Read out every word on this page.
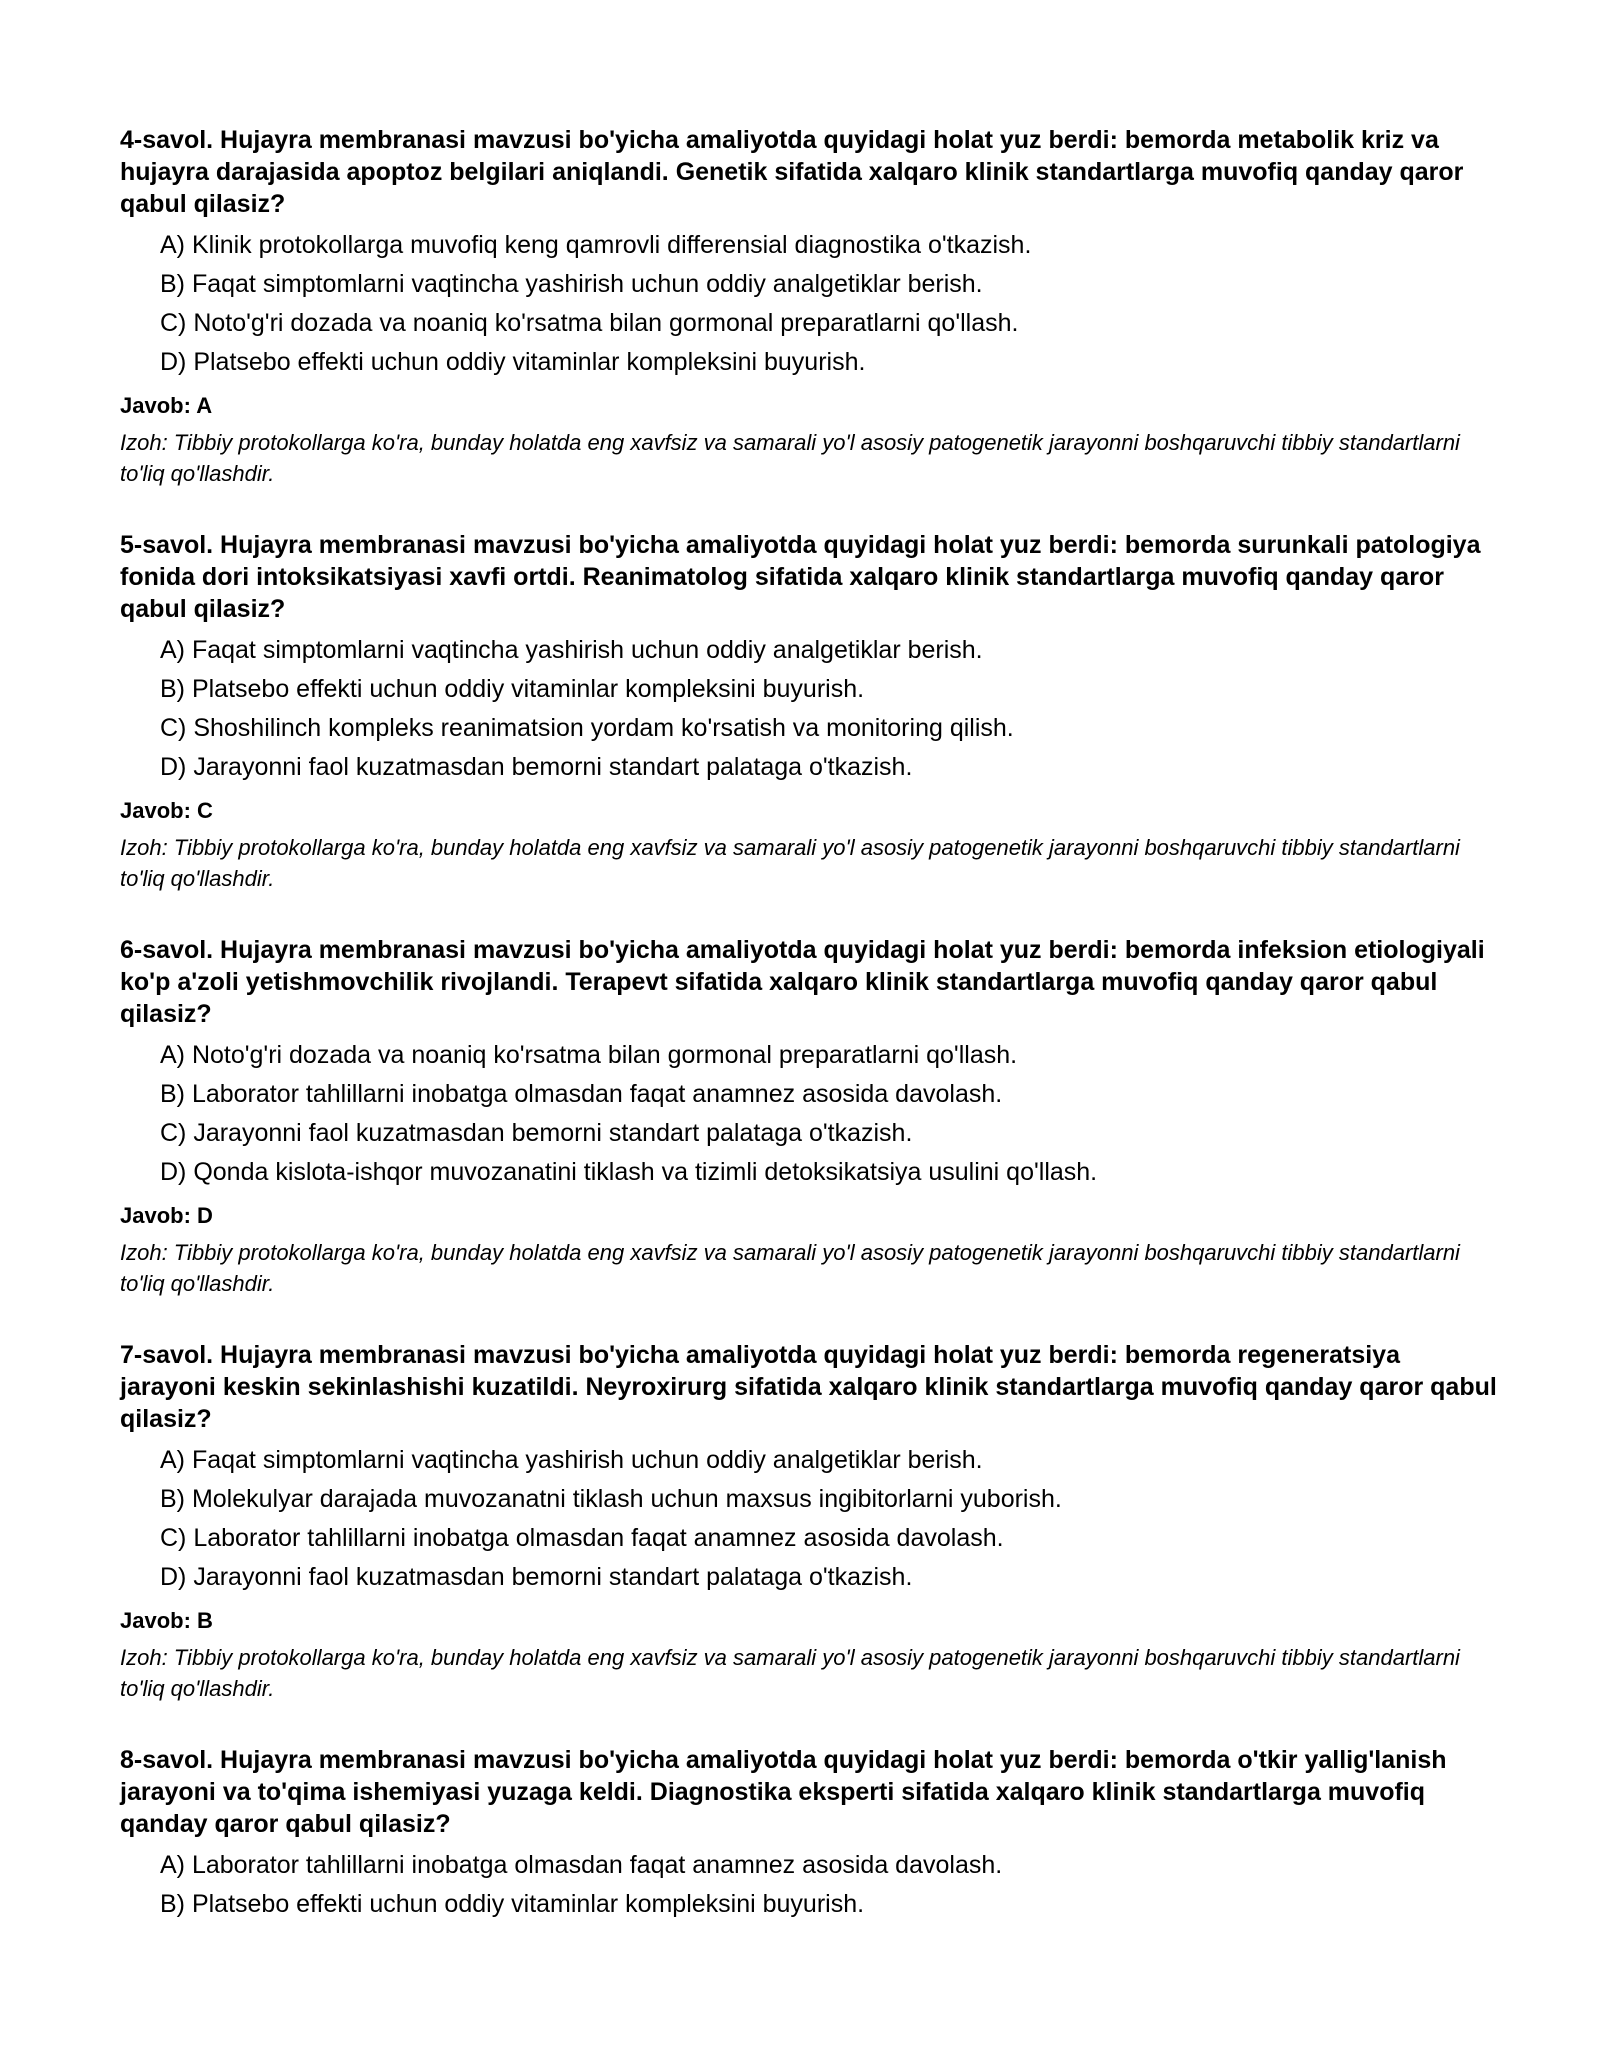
4-savol. Hujayra membranasi mavzusi bo'yicha amaliyotda quyidagi holat yuz berdi: bemorda metabolik kriz va hujayra darajasida apoptoz belgilari aniqlandi. Genetik sifatida xalqaro klinik standartlarga muvofiq qanday qaror qabul qilasiz?
A) Klinik protokollarga muvofiq keng qamrovli differensial diagnostika o'tkazish.
B) Faqat simptomlarni vaqtincha yashirish uchun oddiy analgetiklar berish.
C) Noto'g'ri dozada va noaniq ko'rsatma bilan gormonal preparatlarni qo'llash.
D) Platsebo effekti uchun oddiy vitaminlar kompleksini buyurish.
Javob: A
Izoh: Tibbiy protokollarga ko'ra, bunday holatda eng xavfsiz va samarali yo'l asosiy patogenetik jarayonni boshqaruvchi tibbiy standartlarni to'liq qo'llashdir.
5-savol. Hujayra membranasi mavzusi bo'yicha amaliyotda quyidagi holat yuz berdi: bemorda surunkali patologiya fonida dori intoksikatsiyasi xavfi ortdi. Reanimatolog sifatida xalqaro klinik standartlarga muvofiq qanday qaror qabul qilasiz?
A) Faqat simptomlarni vaqtincha yashirish uchun oddiy analgetiklar berish.
B) Platsebo effekti uchun oddiy vitaminlar kompleksini buyurish.
C) Shoshilinch kompleks reanimatsion yordam ko'rsatish va monitoring qilish.
D) Jarayonni faol kuzatmasdan bemorni standart palataga o'tkazish.
Javob: C
Izoh: Tibbiy protokollarga ko'ra, bunday holatda eng xavfsiz va samarali yo'l asosiy patogenetik jarayonni boshqaruvchi tibbiy standartlarni to'liq qo'llashdir.
6-savol. Hujayra membranasi mavzusi bo'yicha amaliyotda quyidagi holat yuz berdi: bemorda infeksion etiologiyali ko'p a'zoli yetishmovchilik rivojlandi. Terapevt sifatida xalqaro klinik standartlarga muvofiq qanday qaror qabul qilasiz?
A) Noto'g'ri dozada va noaniq ko'rsatma bilan gormonal preparatlarni qo'llash.
B) Laborator tahlillarni inobatga olmasdan faqat anamnez asosida davolash.
C) Jarayonni faol kuzatmasdan bemorni standart palataga o'tkazish.
D) Qonda kislota-ishqor muvozanatini tiklash va tizimli detoksikatsiya usulini qo'llash.
Javob: D
Izoh: Tibbiy protokollarga ko'ra, bunday holatda eng xavfsiz va samarali yo'l asosiy patogenetik jarayonni boshqaruvchi tibbiy standartlarni to'liq qo'llashdir.
7-savol. Hujayra membranasi mavzusi bo'yicha amaliyotda quyidagi holat yuz berdi: bemorda regeneratsiya jarayoni keskin sekinlashishi kuzatildi. Neyroxirurg sifatida xalqaro klinik standartlarga muvofiq qanday qaror qabul qilasiz?
A) Faqat simptomlarni vaqtincha yashirish uchun oddiy analgetiklar berish.
B) Molekulyar darajada muvozanatni tiklash uchun maxsus ingibitorlarni yuborish.
C) Laborator tahlillarni inobatga olmasdan faqat anamnez asosida davolash.
D) Jarayonni faol kuzatmasdan bemorni standart palataga o'tkazish.
Javob: B
Izoh: Tibbiy protokollarga ko'ra, bunday holatda eng xavfsiz va samarali yo'l asosiy patogenetik jarayonni boshqaruvchi tibbiy standartlarni to'liq qo'llashdir.
8-savol. Hujayra membranasi mavzusi bo'yicha amaliyotda quyidagi holat yuz berdi: bemorda o'tkir yallig'lanish jarayoni va to'qima ishemiyasi yuzaga keldi. Diagnostika eksperti sifatida xalqaro klinik standartlarga muvofiq qanday qaror qabul qilasiz?
A) Laborator tahlillarni inobatga olmasdan faqat anamnez asosida davolash.
B) Platsebo effekti uchun oddiy vitaminlar kompleksini buyurish.
